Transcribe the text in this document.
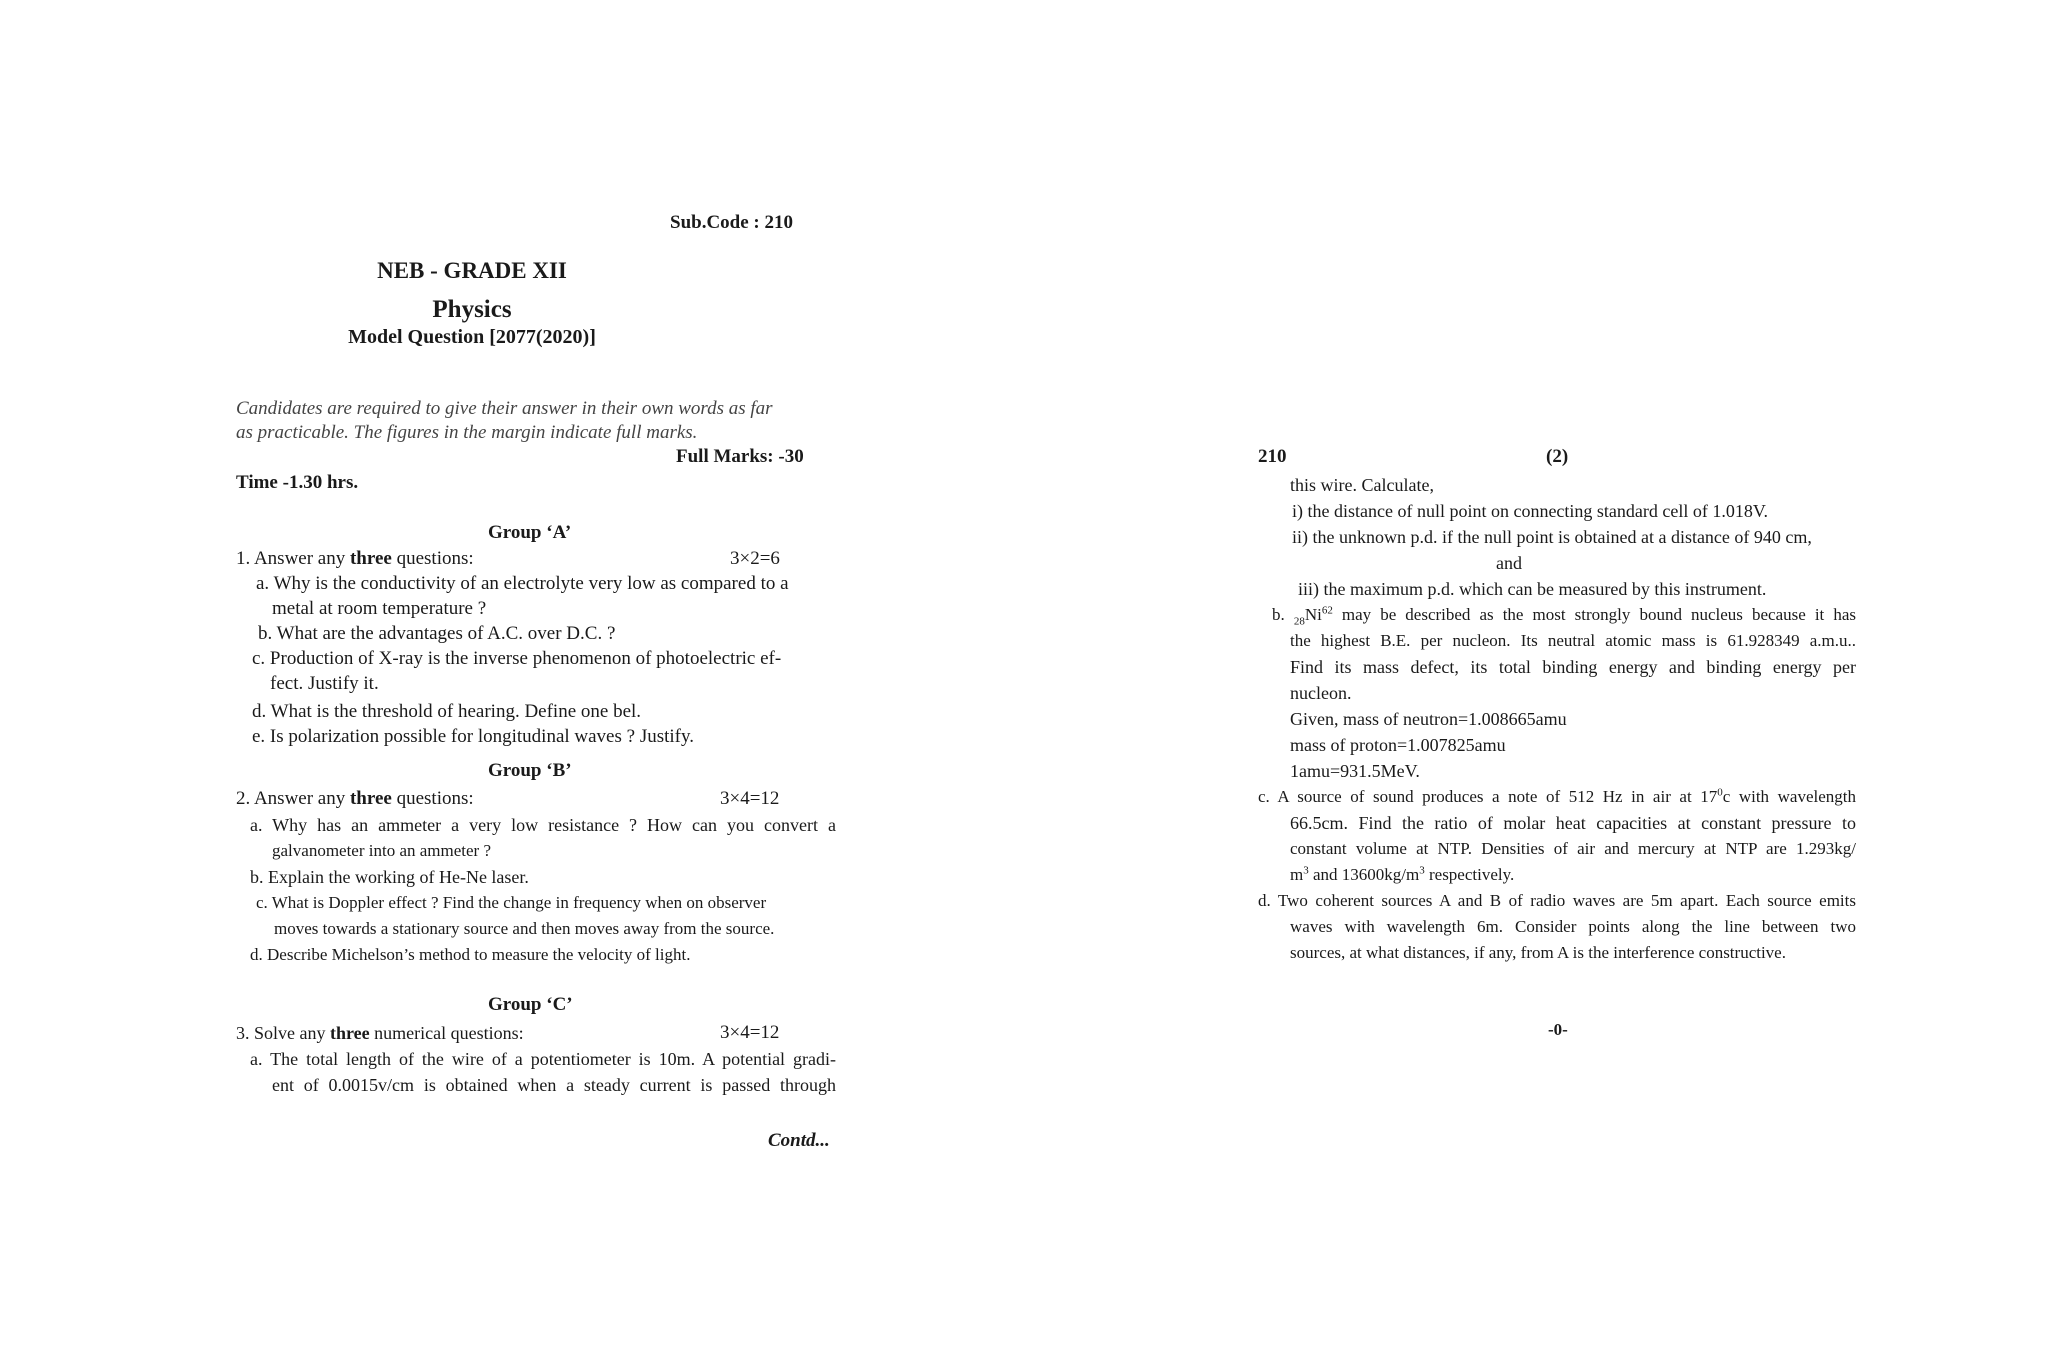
Sub.Code : 210
NEB - GRADE XII
Physics
Model Question [2077(2020)]
Candidates are required to give their answer in their own words as far
as practicable. The figures in the margin indicate full marks.
Full Marks: -30
Time -1.30 hrs.
Group ‘A’
1. Answer any three questions:	3×2=6
a. Why is the conductivity of an electrolyte very low as compared to a
metal at room temperature ?
b. What are the advantages of A.C. over D.C. ?
c. Production of X-ray is the inverse phenomenon of photoelectric ef-
fect. Justify it.
d. What is the threshold of hearing. Define one bel.
e. Is polarization possible for longitudinal waves ? Justify.
Group ‘B’
2. Answer any three questions:	3×4=12
a. Why has an ammeter a very low resistance ? How can you convert a
galvanometer into an ammeter ?
b. Explain the working of He-Ne laser.
c. What is Doppler effect ? Find the change in frequency when on observer
moves towards a stationary source and then moves away from the source.
d. Describe Michelson’s method to measure the velocity of light.
Group ‘C’
3. Solve any three numerical questions:	3×4=12
a. The total length of the wire of a potentiometer is 10m. A potential gradi-
ent of 0.0015v/cm is obtained when a steady current is passed through
Contd...
210	(2)
this wire. Calculate,
i) the distance of null point on connecting standard cell of 1.018V.
ii) the unknown p.d. if the null point is obtained at a distance of 940 cm,
and
iii) the maximum p.d. which can be measured by this instrument.
b. $_{28}Ni^{62}$ may be described as the most strongly bound nucleus because it has
the highest B.E. per nucleon. Its neutral atomic mass is 61.928349 a.m.u..
Find its mass defect, its total binding energy and binding energy per
nucleon.
Given, mass of neutron=1.008665amu
mass of proton=1.007825amu
1amu=931.5MeV.
c. A source of sound produces a note of 512 Hz in air at $17^0c$ with wavelength
66.5cm. Find the ratio of molar heat capacities at constant pressure to
constant volume at NTP. Densities of air and mercury at NTP are 1.293kg/
$m^3$ and $13600kg/m^3$ respectively.
d. Two coherent sources A and B of radio waves are 5m apart. Each source emits
waves with wavelength 6m. Consider points along the line between two
sources, at what distances, if any, from A is the interference constructive.
-0-
